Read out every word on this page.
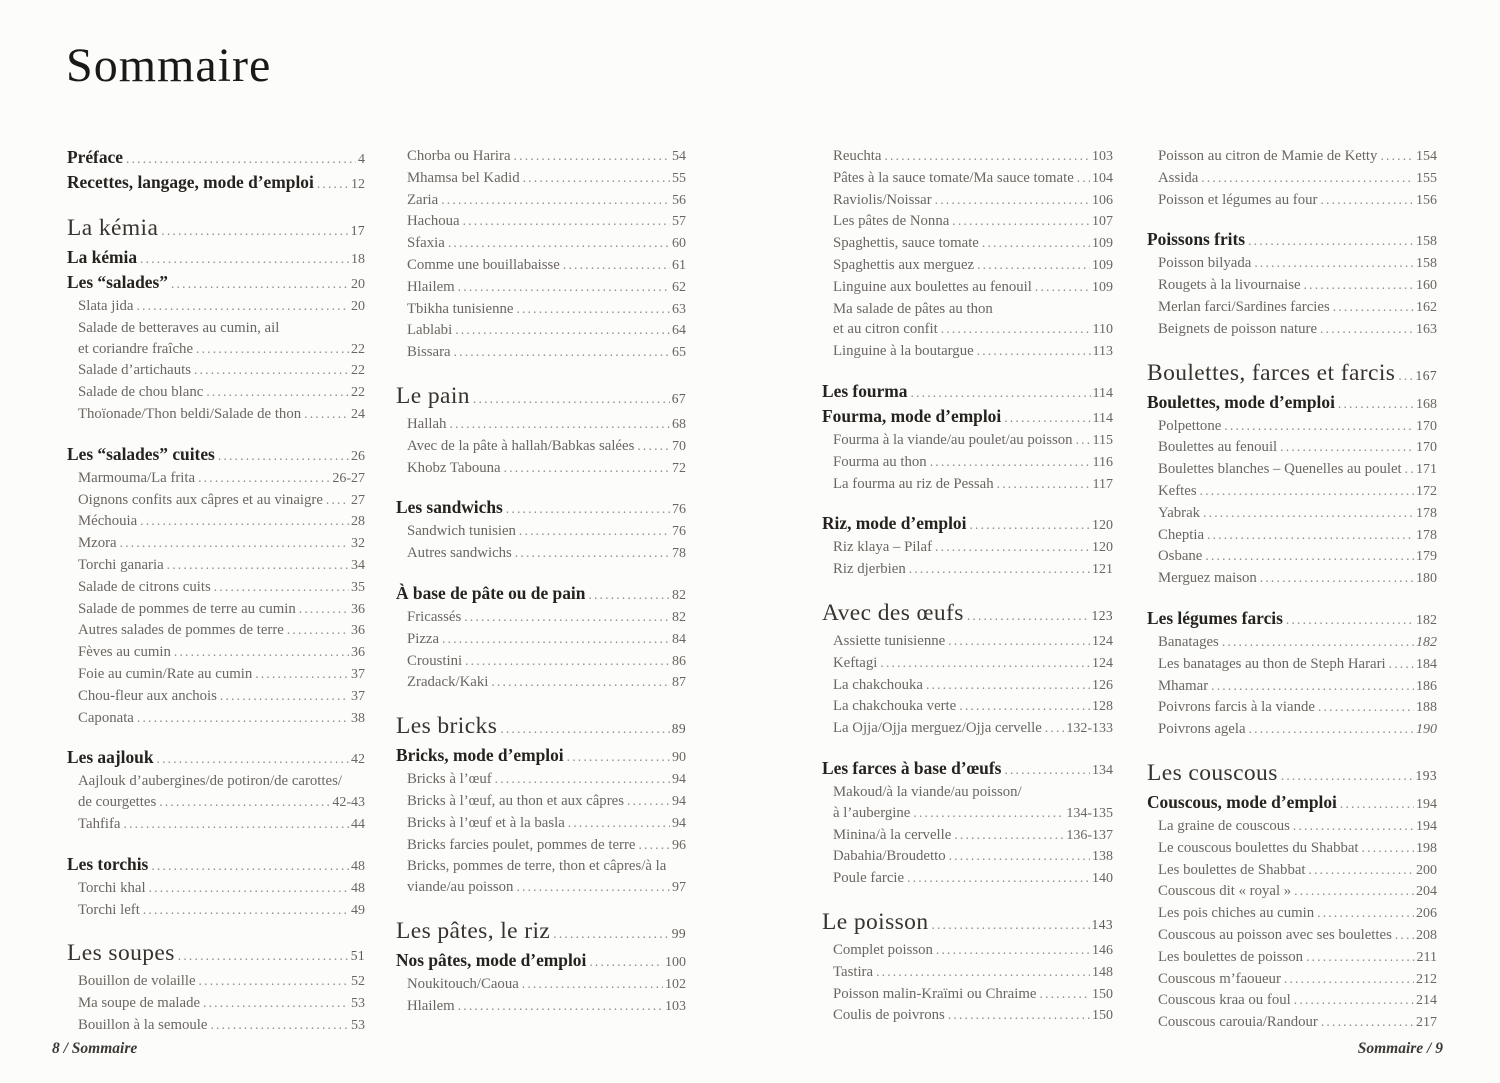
Sommaire
Préface .....	4
Recettes, langage, mode d’emploi .....	12
La kémia .....	17
La kémia .....	18
Les “salades” .....	20
Slata jida .....	20
Salade de betteraves au cumin, ail
et coriandre fraîche .....	22
Salade d’artichauts .....	22
Salade de chou blanc .....	22
Thoïonade/Thon beldi/Salade de thon .....	24
Les “salades” cuites .....	26
Marmouma/La frita .....	26-27
Oignons confits aux câpres et au vinaigre ..... 27
Méchouia .....	28
Mzora .....	32
Torchi ganaria .....	34
Salade de citrons cuits .....	35
Salade de pommes de terre au cumin .....	36
Autres salades de pommes de terre .....	36
Fèves au cumin .....	36
Foie au cumin/Rate au cumin .....	37
Chou-fleur aux anchois .....	37
Caponata .....	38
Les aajlouk .....	42
Aajlouk d’aubergines/de potiron/de carottes/
de courgettes .....	42-43
Tahfifa .....	44
Les torchis .....	48
Torchi khal .....	48
Torchi left .....	49
Les soupes .....	51
Bouillon de volaille .....	52
Ma soupe de malade .....	53
Bouillon à la semoule .....	53
Chorba ou Harira .....	54
Mhamsa bel Kadid .....	55
Zaria .....	56
Hachoua .....	57
Sfaxia .....	60
Comme une bouillabaisse .....	61
Hlailem .....	62
Tbikha tunisienne .....	63
Lablabi .....	64
Bissara .....	65
Le pain .....	67
Hallah .....	68
Avec de la pâte à hallah/Babkas salées .....	70
Khobz Tabouna .....	72
Les sandwichs .....	76
Sandwich tunisien .....	76
Autres sandwichs .....	78
À base de pâte ou de pain .....	82
Fricassés .....	82
Pizza .....	84
Croustini .....	86
Zradack/Kaki .....	87
Les bricks .....	89
Bricks, mode d’emploi .....	90
Bricks à l’œuf .....	94
Bricks à l’œuf, au thon et aux câpres .....	94
Bricks à l’œuf et à la basla .....	94
Bricks farcies poulet, pommes de terre .....	96
Bricks, pommes de terre, thon et câpres/à la
viande/au poisson .....	97
Les pâtes, le riz .....	99
Nos pâtes, mode d’emploi .....	100
Noukitouch/Caoua .....	102
Hlailem .....	103
Reuchta .....	103
Pâtes à la sauce tomate/Ma sauce tomate ..... 104
Raviolis/Noissar .....	106
Les pâtes de Nonna .....	107
Spaghettis, sauce tomate .....	109
Spaghettis aux merguez .....	109
Linguine aux boulettes au fenouil .....	109
Ma salade de pâtes au thon
et au citron confit .....	110
Linguine à la boutargue .....	113
Les fourma .....	114
Fourma, mode d’emploi .....	114
Fourma à la viande/au poulet/au poisson ..... 115
Fourma au thon .....	116
La fourma au riz de Pessah .....	117
Riz, mode d’emploi .....	120
Riz klaya – Pilaf .....	120
Riz djerbien .....	121
Avec des œufs .....	123
Assiette tunisienne .....	124
Keftagi .....	124
La chakchouka .....	126
La chakchouka verte .....	128
La Ojja/Ojja merguez/Ojja cervelle ..... 132-133
Les farces à base d’œufs .....	134
Makoud/à la viande/au poisson/
à l’aubergine .....	134-135
Minina/à la cervelle .....	136-137
Dabahia/Broudetto .....	138
Poule farcie .....	140
Le poisson .....	143
Complet poisson .....	146
Tastira .....	148
Poisson malin-Kraïmi ou Chraime .....	150
Coulis de poivrons .....	150
Poisson au citron de Mamie de Ketty .....	154
Assida .....	155
Poisson et légumes au four .....	156
Poissons frits .....	158
Poisson bilyada .....	158
Rougets à la livournaise .....	160
Merlan farci/Sardines farcies .....	162
Beignets de poisson nature .....	163
Boulettes, farces et farcis ..... 167
Boulettes, mode d’emploi .....	168
Polpettone .....	170
Boulettes au fenouil .....	170
Boulettes blanches – Quenelles au poulet ..... 171
Keftes .....	172
Yabrak .....	178
Cheptia .....	178
Osbane .....	179
Merguez maison .....	180
Les légumes farcis .....	182
Banatages .....	182
Les banatages au thon de Steph Harari ..... 184
Mhamar .....	186
Poivrons farcis à la viande .....	188
Poivrons agela .....	190
Les couscous .....	193
Couscous, mode d’emploi .....	194
La graine de couscous .....	194
Le couscous boulettes du Shabbat .....	198
Les boulettes de Shabbat .....	200
Couscous dit « royal » .....	204
Les pois chiches au cumin .....	206
Couscous au poisson avec ses boulettes ..... 208
Les boulettes de poisson .....	211
Couscous m’faoueur .....	212
Couscous kraa ou foul .....	214
Couscous carouia/Randour .....	217
8 / Sommaire	Sommaire / 9
